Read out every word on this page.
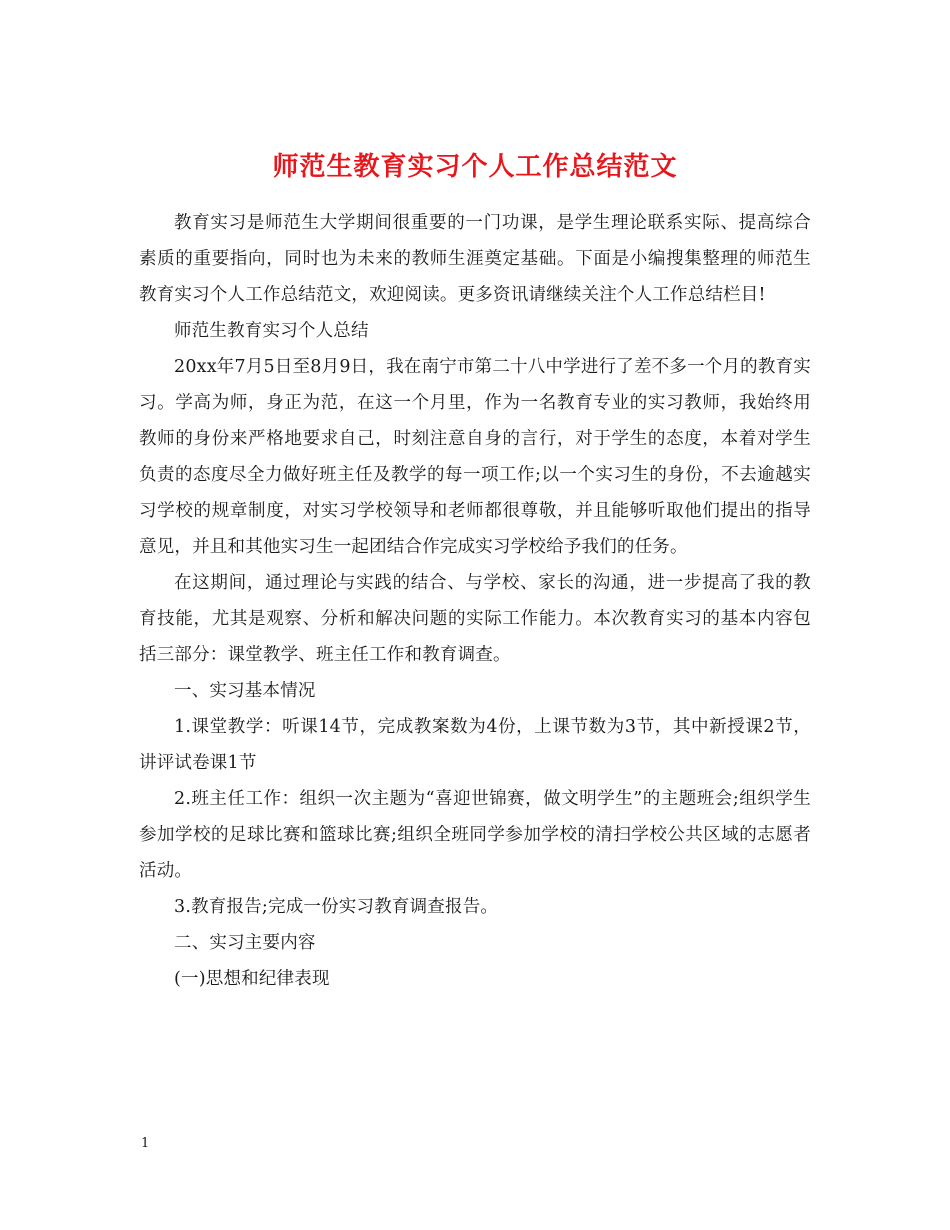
师范生教育实习个人工作总结范文

教育实习是师范生大学期间很重要的一门功课，是学生理论联系实际、提高综合素质的重要指向，同时也为未来的教师生涯奠定基础。下面是小编搜集整理的师范生教育实习个人工作总结范文，欢迎阅读。更多资讯请继续关注个人工作总结栏目!

师范生教育实习个人总结

20xx年7月5日至8月9日，我在南宁市第二十八中学进行了差不多一个月的教育实习。学高为师，身正为范，在这一个月里，作为一名教育专业的实习教师，我始终用教师的身份来严格地要求自己，时刻注意自身的言行，对于学生的态度，本着对学生负责的态度尽全力做好班主任及教学的每一项工作;以一个实习生的身份，不去逾越实习学校的规章制度，对实习学校领导和老师都很尊敬，并且能够听取他们提出的指导意见，并且和其他实习生一起团结合作完成实习学校给予我们的任务。

在这期间，通过理论与实践的结合、与学校、家长的沟通，进一步提高了我的教育技能，尤其是观察、分析和解决问题的实际工作能力。本次教育实习的基本内容包括三部分：课堂教学、班主任工作和教育调查。

一、实习基本情况

1.课堂教学：听课14节，完成教案数为4份，上课节数为3节，其中新授课2节，讲评试卷课1节

2.班主任工作：组织一次主题为“喜迎世锦赛，做文明学生”的主题班会;组织学生参加学校的足球比赛和篮球比赛;组织全班同学参加学校的清扫学校公共区域的志愿者活动。

3.教育报告;完成一份实习教育调查报告。

二、实习主要内容

(一)思想和纪律表现

1
